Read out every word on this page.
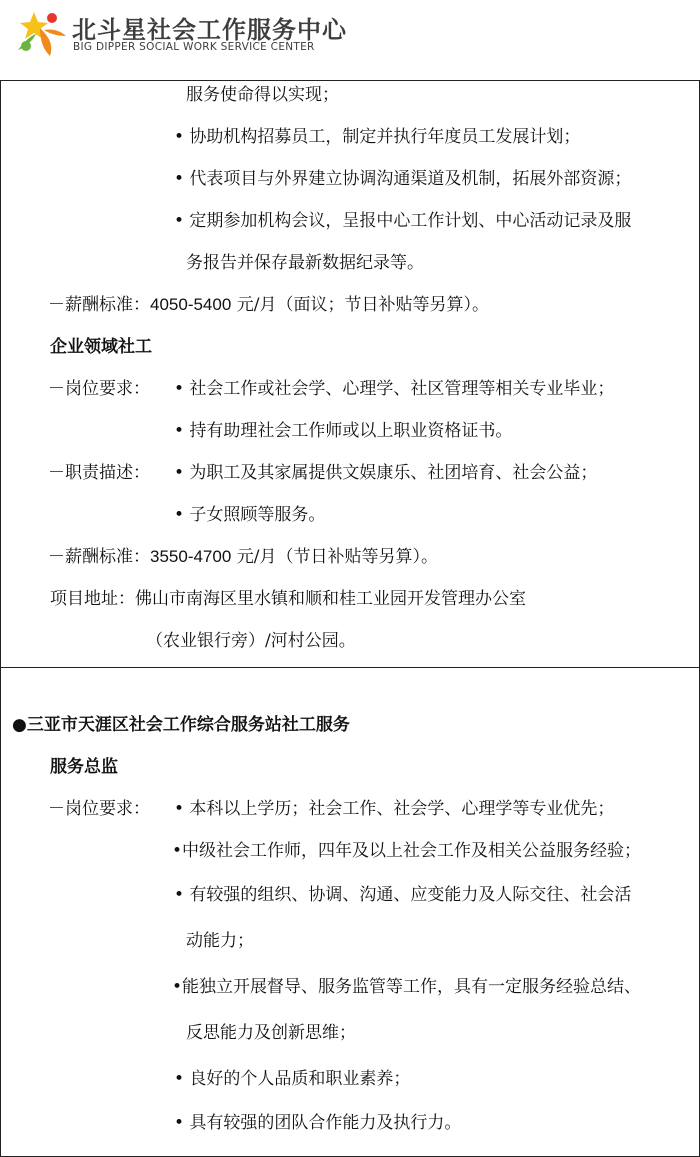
北斗星社会工作服务中心
BIG DIPPER SOCIAL WORK SERVICE CENTER
服务使命得以实现；
• 协助机构招募员工，制定并执行年度员工发展计划；
• 代表项目与外界建立协调沟通渠道及机制，拓展外部资源；
• 定期参加机构会议，呈报中心工作计划、中心活动记录及服
务报告并保存最新数据纪录等。
－薪酬标准：4050-5400 元/月（面议；节日补贴等另算）。
企业领域社工
－岗位要求： • 社会工作或社会学、心理学、社区管理等相关专业毕业；
• 持有助理社会工作师或以上职业资格证书。
－职责描述： • 为职工及其家属提供文娱康乐、社团培育、社会公益；
• 子女照顾等服务。
－薪酬标准：3550-4700 元/月（节日补贴等另算）。
项目地址：佛山市南海区里水镇和顺和桂工业园开发管理办公室
（农业银行旁）/河村公园。
●三亚市天涯区社会工作综合服务站社工服务
服务总监
－岗位要求： • 本科以上学历；社会工作、社会学、心理学等专业优先；
•中级社会工作师，四年及以上社会工作及相关公益服务经验；
• 有较强的组织、协调、沟通、应变能力及人际交往、社会活
动能力；
•能独立开展督导、服务监管等工作，具有一定服务经验总结、
反思能力及创新思维；
• 良好的个人品质和职业素养；
• 具有较强的团队合作能力及执行力。
